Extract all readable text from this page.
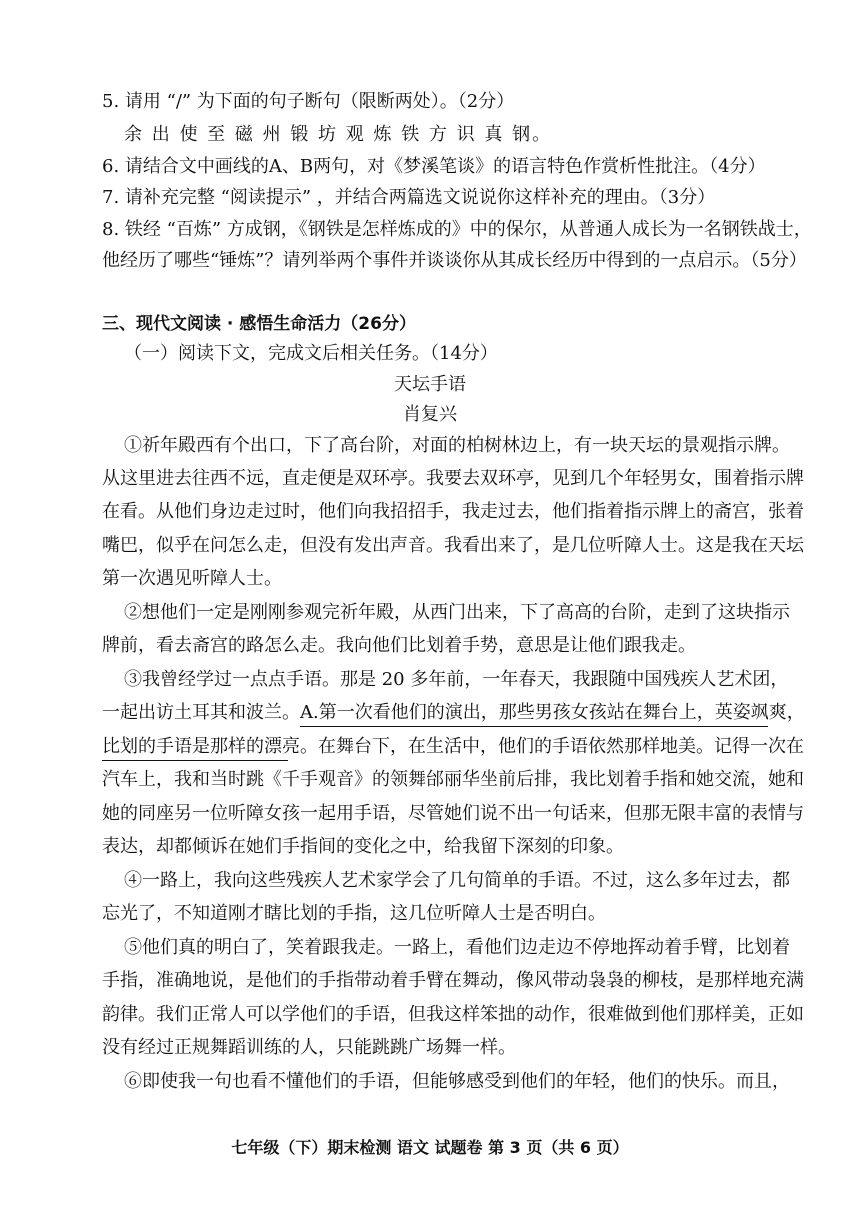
5. 请用 “/” 为下面的句子断句（限断两处）。（2分）
余 出 使 至 磁 州 锻 坊 观 炼 铁 方 识 真 钢。
6. 请结合文中画线的A、B两句，对《梦溪笔谈》的语言特色作赏析性批注。（4分）
7. 请补充完整 “阅读提示” ，并结合两篇选文说说你这样补充的理由。（3分）
8. 铁经 “百炼” 方成钢，《钢铁是怎样炼成的》中的保尔，从普通人成长为一名钢铁战士，
他经历了哪些“锤炼”？请列举两个事件并谈谈你从其成长经历中得到的一点启示。（5分）
三、现代文阅读 · 感悟生命活力（26分）
（一）阅读下文，完成文后相关任务。（14分）
天坛手语
肖复兴
①祈年殿西有个出口，下了高台阶，对面的柏树林边上，有一块天坛的景观指示牌。
从这里进去往西不远，直走便是双环亭。我要去双环亭，见到几个年轻男女，围着指示牌
在看。从他们身边走过时，他们向我招招手，我走过去，他们指着指示牌上的斋宫，张着
嘴巴，似乎在问怎么走，但没有发出声音。我看出来了，是几位听障人士。这是我在天坛
第一次遇见听障人士。
②想他们一定是刚刚参观完祈年殿，从西门出来，下了高高的台阶，走到了这块指示
牌前，看去斋宫的路怎么走。我向他们比划着手势，意思是让他们跟我走。
③我曾经学过一点点手语。那是 20 多年前，一年春天，我跟随中国残疾人艺术团，
一起出访土耳其和波兰。A.第一次看他们的演出，那些男孩女孩站在舞台上，英姿飒爽，
比划的手语是那样的漂亮。在舞台下，在生活中，他们的手语依然那样地美。记得一次在
汽车上，我和当时跳《千手观音》的领舞邰丽华坐前后排，我比划着手指和她交流，她和
她的同座另一位听障女孩一起用手语，尽管她们说不出一句话来，但那无限丰富的表情与
表达，却都倾诉在她们手指间的变化之中，给我留下深刻的印象。
④一路上，我向这些残疾人艺术家学会了几句简单的手语。不过，这么多年过去，都
忘光了，不知道刚才瞎比划的手指，这几位听障人士是否明白。
⑤他们真的明白了，笑着跟我走。一路上，看他们边走边不停地挥动着手臂，比划着
手指，准确地说，是他们的手指带动着手臂在舞动，像风带动袅袅的柳枝，是那样地充满
韵律。我们正常人可以学他们的手语，但我这样笨拙的动作，很难做到他们那样美，正如
没有经过正规舞蹈训练的人，只能跳跳广场舞一样。
⑥即使我一句也看不懂他们的手语，但能够感受到他们的年轻，他们的快乐。而且，
七年级（下）期末检测 语文 试题卷 第 3 页（共 6 页）
